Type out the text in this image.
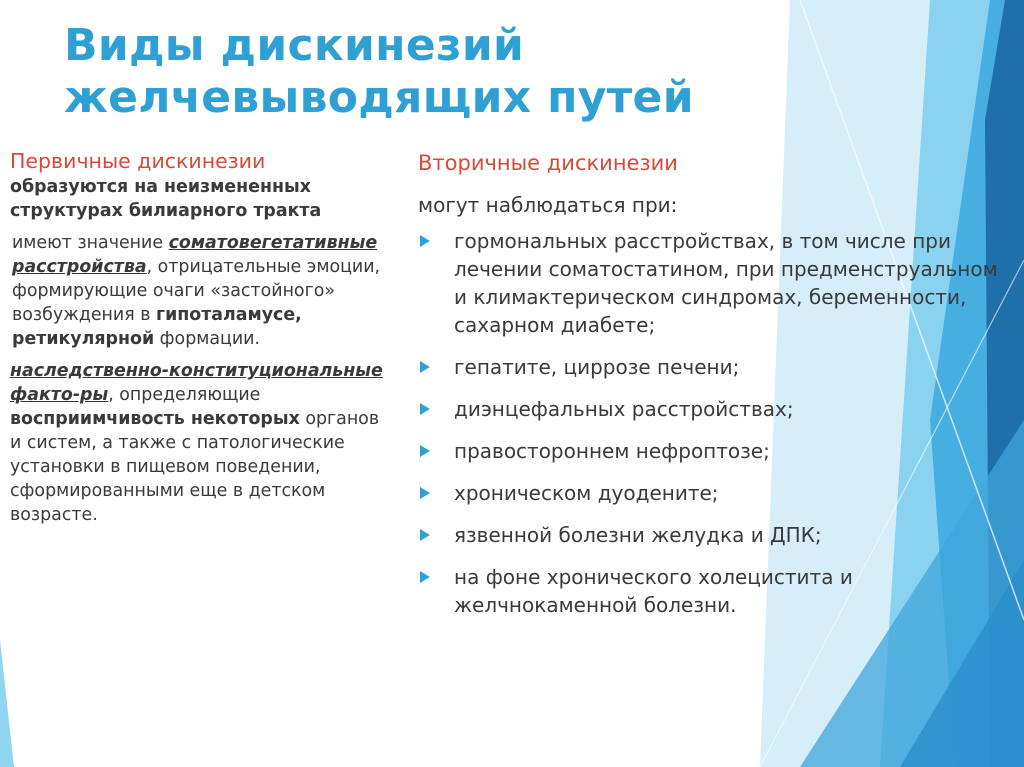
Виды дискинезий
желчевыводящих путей
Первичные дискинезии
образуются на неизмененных структурах билиарного тракта
имеют значение соматовегетативные расстройства, отрицательные эмоции, формирующие очаги «застойного» возбуждения в гипоталамусе, ретикулярной формации.
наследственно-конституциональные факто-ры, определяющие восприимчивость некоторых органов и систем, а также с патологические установки в пищевом поведении, сформированными еще в детском возрасте.
Вторичные дискинезии
могут наблюдаться при:
гормональных расстройствах, в том числе при лечении соматостатином, при предменструальном и климактерическом синдромах, беременности, сахарном диабете;
гепатите, циррозе печени;
диэнцефальных расстройствах;
правостороннем нефроптозе;
хроническом дуодените;
язвенной болезни желудка и ДПК;
на фоне хронического холецистита и желчнокаменной болезни.
